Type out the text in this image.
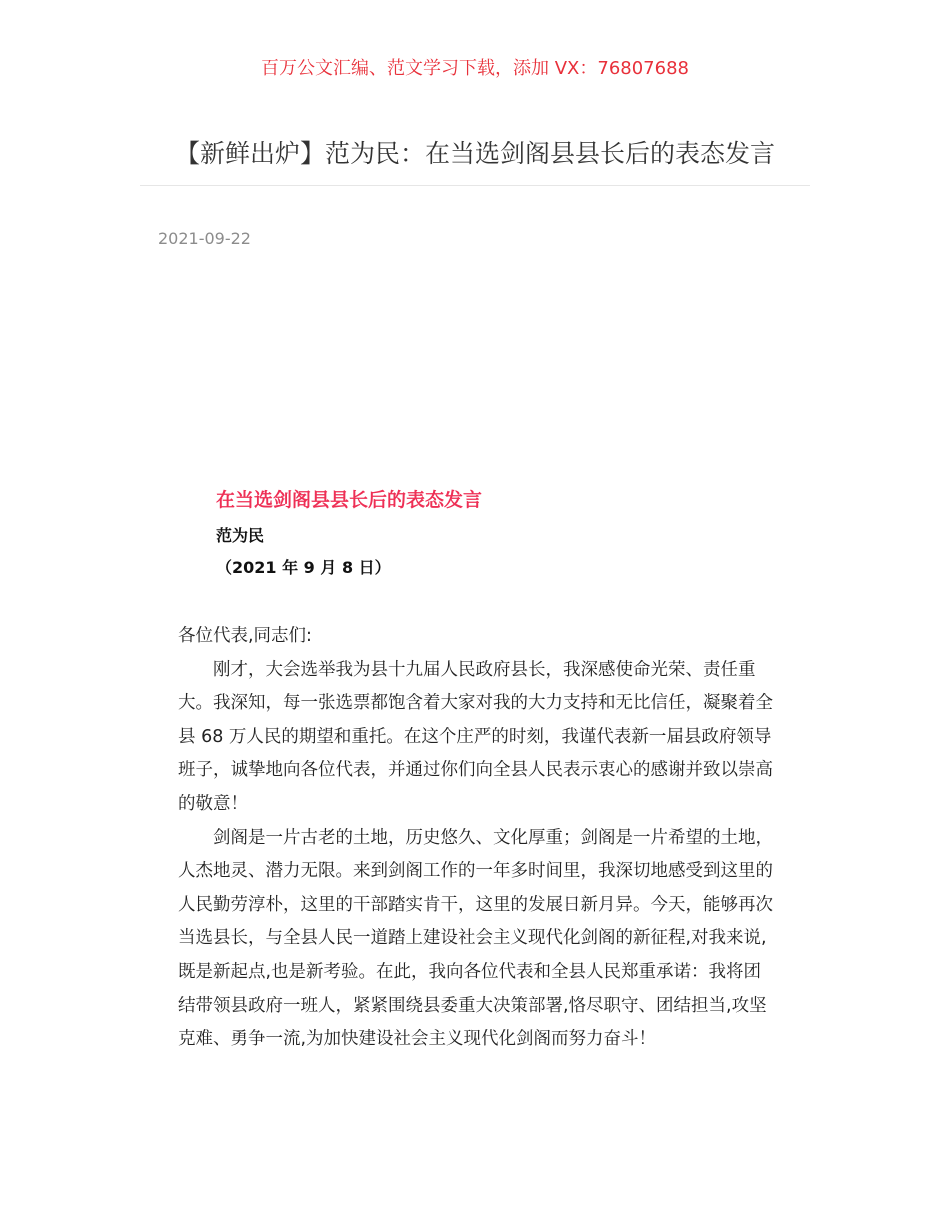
百万公文汇编、范文学习下载，添加 VX：76807688
【新鲜出炉】范为民：在当选剑阁县县长后的表态发言
2021-09-22
在当选剑阁县县长后的表态发言
范为民
（2021 年 9 月 8 日）

各位代表,同志们:

刚才，大会选举我为县十九届人民政府县长，我深感使命光荣、责任重大。我深知，每一张选票都饱含着大家对我的大力支持和无比信任，凝聚着全县 68 万人民的期望和重托。在这个庄严的时刻，我谨代表新一届县政府领导班子，诚挚地向各位代表，并通过你们向全县人民表示衷心的感谢并致以崇高的敬意！

剑阁是一片古老的土地，历史悠久、文化厚重；剑阁是一片希望的土地，人杰地灵、潜力无限。来到剑阁工作的一年多时间里，我深切地感受到这里的人民勤劳淳朴，这里的干部踏实肯干，这里的发展日新月异。今天，能够再次当选县长，与全县人民一道踏上建设社会主义现代化剑阁的新征程,对我来说,既是新起点,也是新考验。在此，我向各位代表和全县人民郑重承诺：我将团结带领县政府一班人，紧紧围绕县委重大决策部署,恪尽职守、团结担当,攻坚克难、勇争一流,为加快建设社会主义现代化剑阁而努力奋斗！
